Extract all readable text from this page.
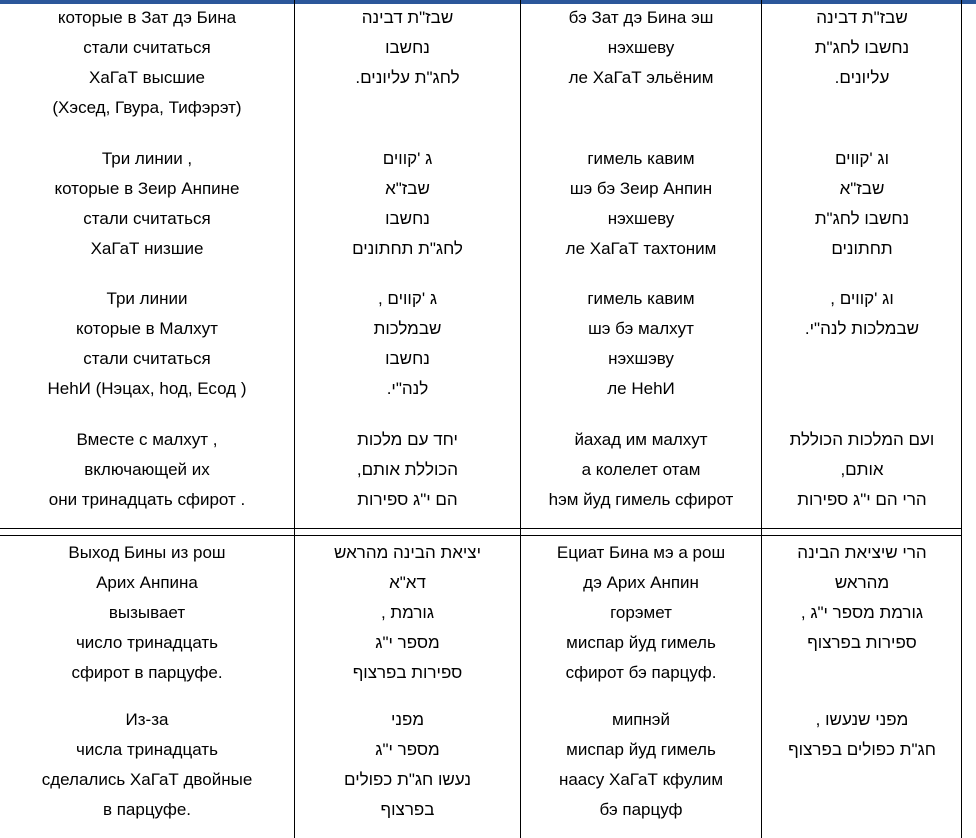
которые в Зат дэ Бина
стали считаться
ХаГаТ высшие
(Хэсед, Гвура, Тифэрэт)
שבז"ת דבינה
נחשבו
לחג"ת עליונים.
бэ Зат дэ Бина эш
нэхшеву
ле ХаГаТ эльёним
שבז"ת דבינה
נחשבו לחג"ת
עליונים.
Три линии ,
которые в Зеир Анпине
стали считаться
ХаГаТ низшие
ג 'קווים
שבז"א
נחשבו
לחג"ת תחתונים
гимель кавим
шэ бэ Зеир Анпин
нэхшеву
ле ХаГаТ тахтоним
וג 'קווים
שבז"א
נחשבו לחג"ת
תחתונים
Три линии
которые в Малхут
стали считаться
НеhИ (Нэцах, hод, Есод )
ג 'קווים ,
שבמלכות
נחשבו
לנה"י.
гимель кавим
шэ бэ малхут
нэхшэву
ле НеhИ
וג 'קווים ,
שבמלכות לנה"י.
Вместе с малхут ,
включающей их
они тринадцать сфирот .
יחד עם מלכות
הכוללת אותם,
הם י"ג ספירות
йахад им малхут
а колелет отам
hэм йуд гимель сфирот
ועם המלכות הכוללת
אותם,
הרי הם י"ג ספירות
Выход Бины из рош
Арих Анпина
вызывает
число тринадцать
сфирот в парцуфе.
יציאת הבינה מהראש
דא"א
גורמת ,
מספר י"ג
ספירות בפרצוף
Ециат Бина мэ а рош
дэ Арих Анпин
горэмет
миспар йуд гимель
сфирот бэ парцуф.
הרי שיציאת הבינה
מהראש
גורמת מספר י"ג ,
ספירות בפרצוף
Из-за
числа тринадцать
сделались ХаГаТ двойные
в парцуфе.
מפני
מספר י"ג
נעשו חג"ת כפולים
בפרצוף
мипнэй
миспар йуд гимель
наасу ХаГаТ кфулим
бэ парцуф
מפני שנעשו ,
חג"ת כפולים בפרצוף
